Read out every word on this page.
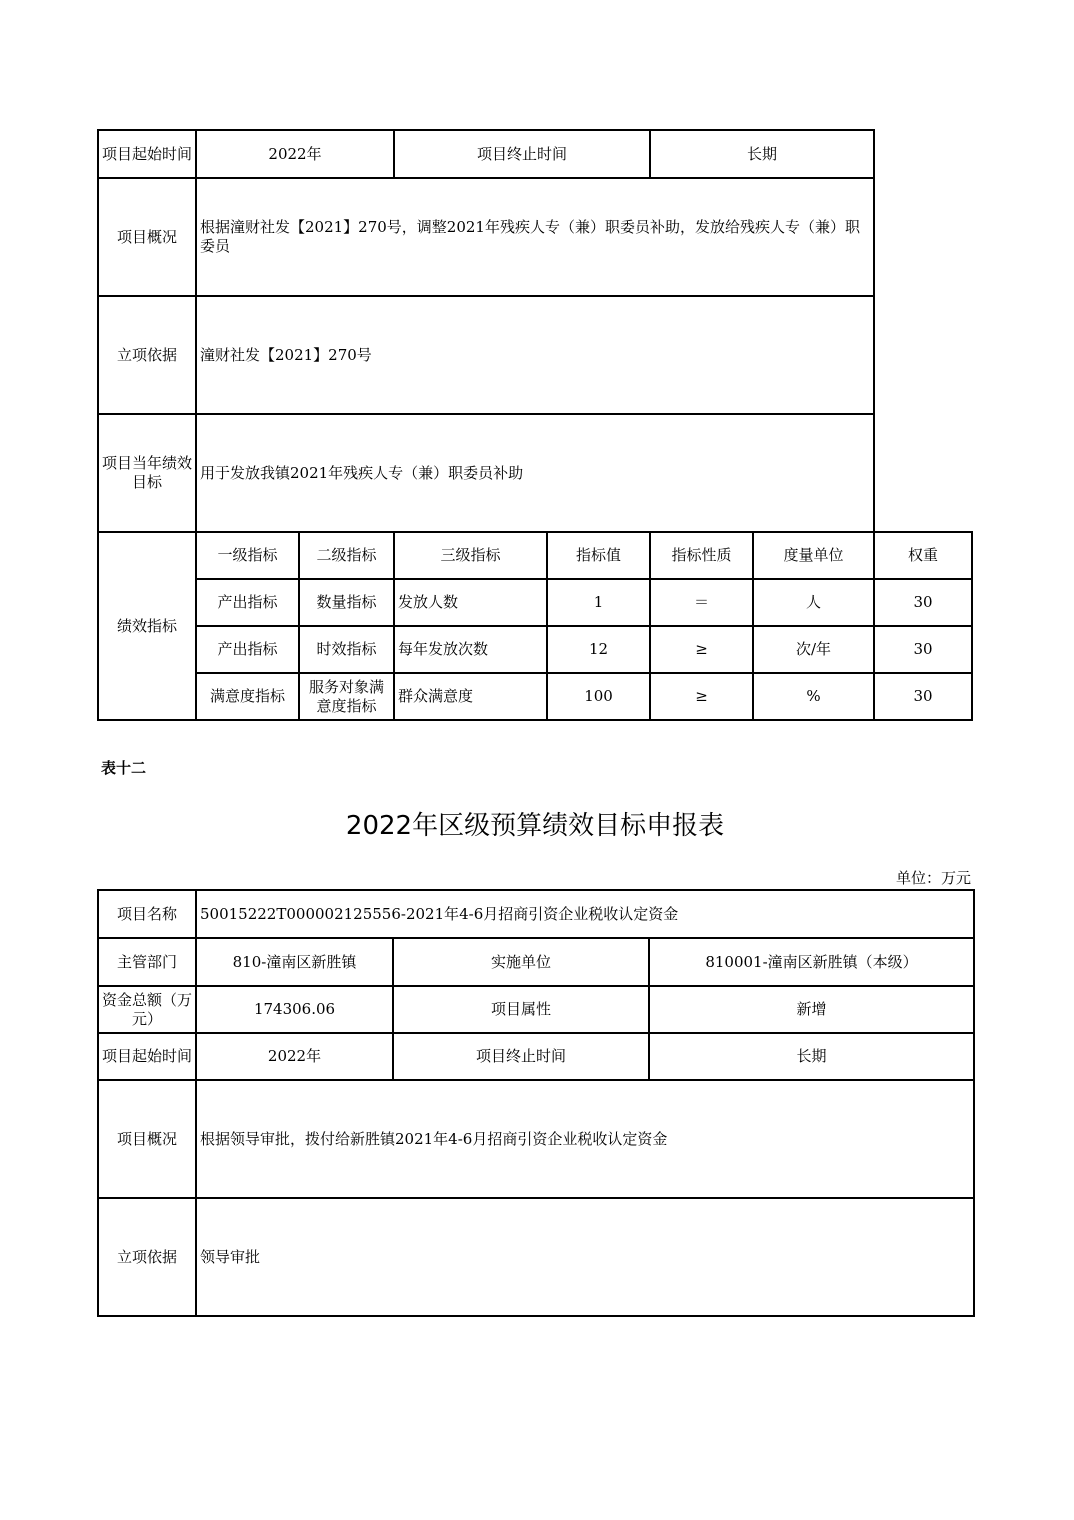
项目起始时间	2022年		项目终止时间		长期		
项目概况	根据潼财社发【2021】270号，调整2021年残疾人专（兼）职委员补助，发放给残疾人专（兼）职委员						
立项依据	潼财社发【2021】270号						
项目当年绩效目标	用于发放我镇2021年残疾人专（兼）职委员补助						
绩效指标	一级指标	二级指标	三级指标	指标值	指标性质	度量单位	权重
	产出指标	数量指标	发放人数	1	＝	人	30
	产出指标	时效指标	每年发放次数	12	≥	次/年	30
	满意度指标	服务对象满意度指标	群众满意度	100	≥	%	30
表十二
2022年区级预算绩效目标申报表
单位：万元
项目名称	50015222T000002125556-2021年4-6月招商引资企业税收认定资金		
主管部门	810-潼南区新胜镇	实施单位	810001-潼南区新胜镇（本级）
资金总额（万元）	174306.06	项目属性	新增
项目起始时间	2022年	项目终止时间	长期
项目概况	根据领导审批，拨付给新胜镇2021年4-6月招商引资企业税收认定资金		
立项依据	领导审批		
